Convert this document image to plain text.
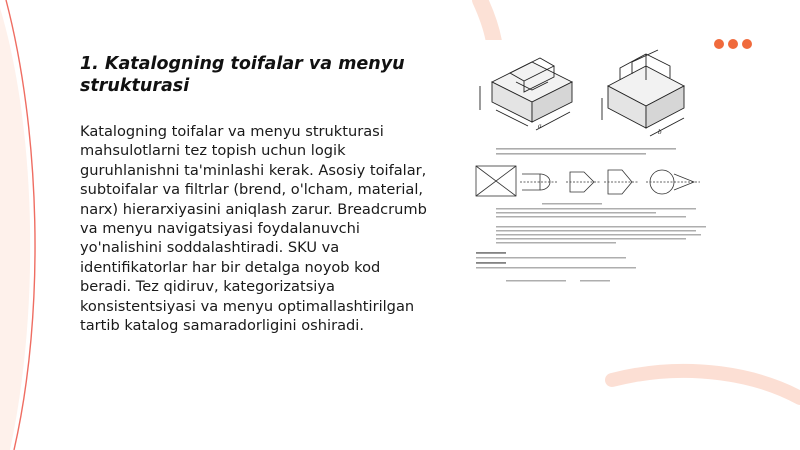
1. Katalogning toifalar va menyu strukturasi

Katalogning toifalar va menyu strukturasi mahsulotlarni tez topish uchun logik guruhlanishni ta'minlashi kerak. Asosiy toifalar, subtoifalar va filtrlar (brend, o'lcham, material, narx) hierarxiyasini aniqlash zarur. Breadcrumb va menyu navigatsiyasi foydalanuvchi yo'nalishini soddalashtiradi. SKU va identifikatorlar har bir detalga noyob kod beradi. Tez qidiruv, kategorizatsiya konsistentsiyasi va menyu optimallashtirilgan tartib katalog samaradorligini oshiradi.

a
b
